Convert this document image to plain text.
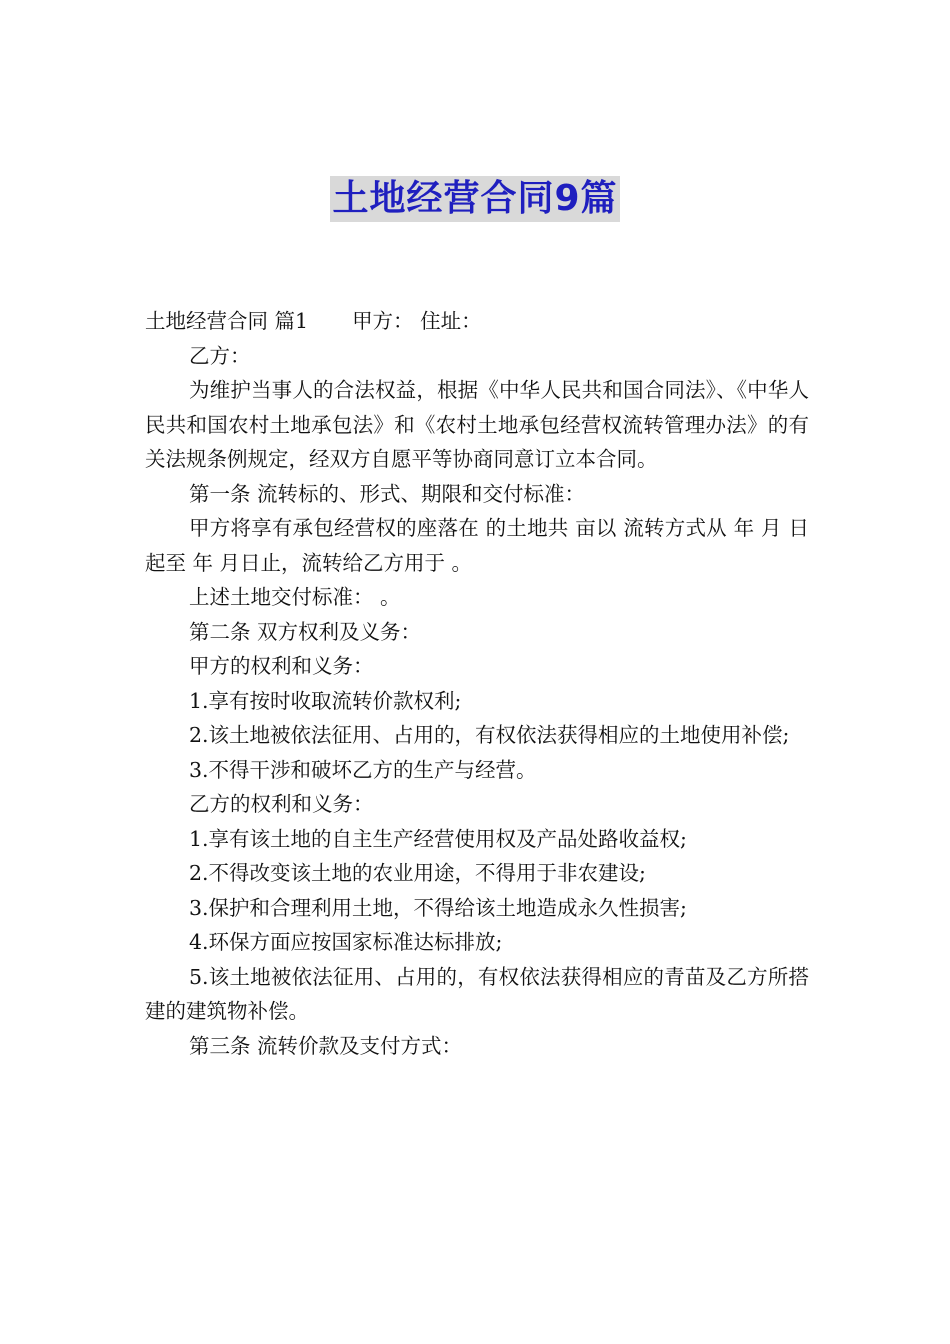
土地经营合同9篇

土地经营合同 篇1 甲方： 住址：

乙方：

为维护当事人的合法权益，根据《中华人民共和国合同法》、《中华人民共和国农村土地承包法》和《农村土地承包经营权流转管理办法》的有关法规条例规定，经双方自愿平等协商同意订立本合同。

第一条 流转标的、形式、期限和交付标准：

甲方将享有承包经营权的座落在 的土地共 亩以 流转方式从 年 月 日起至 年 月日止，流转给乙方用于 。

上述土地交付标准： 。

第二条 双方权利及义务：

甲方的权利和义务：

1.享有按时收取流转价款权利;

2.该土地被依法征用、占用的，有权依法获得相应的土地使用补偿;

3.不得干涉和破坏乙方的生产与经营。

乙方的权利和义务：

1.享有该土地的自主生产经营使用权及产品处路收益权;

2.不得改变该土地的农业用途，不得用于非农建设;

3.保护和合理利用土地，不得给该土地造成永久性损害;

4.环保方面应按国家标准达标排放;

5.该土地被依法征用、占用的，有权依法获得相应的青苗及乙方所搭建的建筑物补偿。

第三条 流转价款及支付方式：
